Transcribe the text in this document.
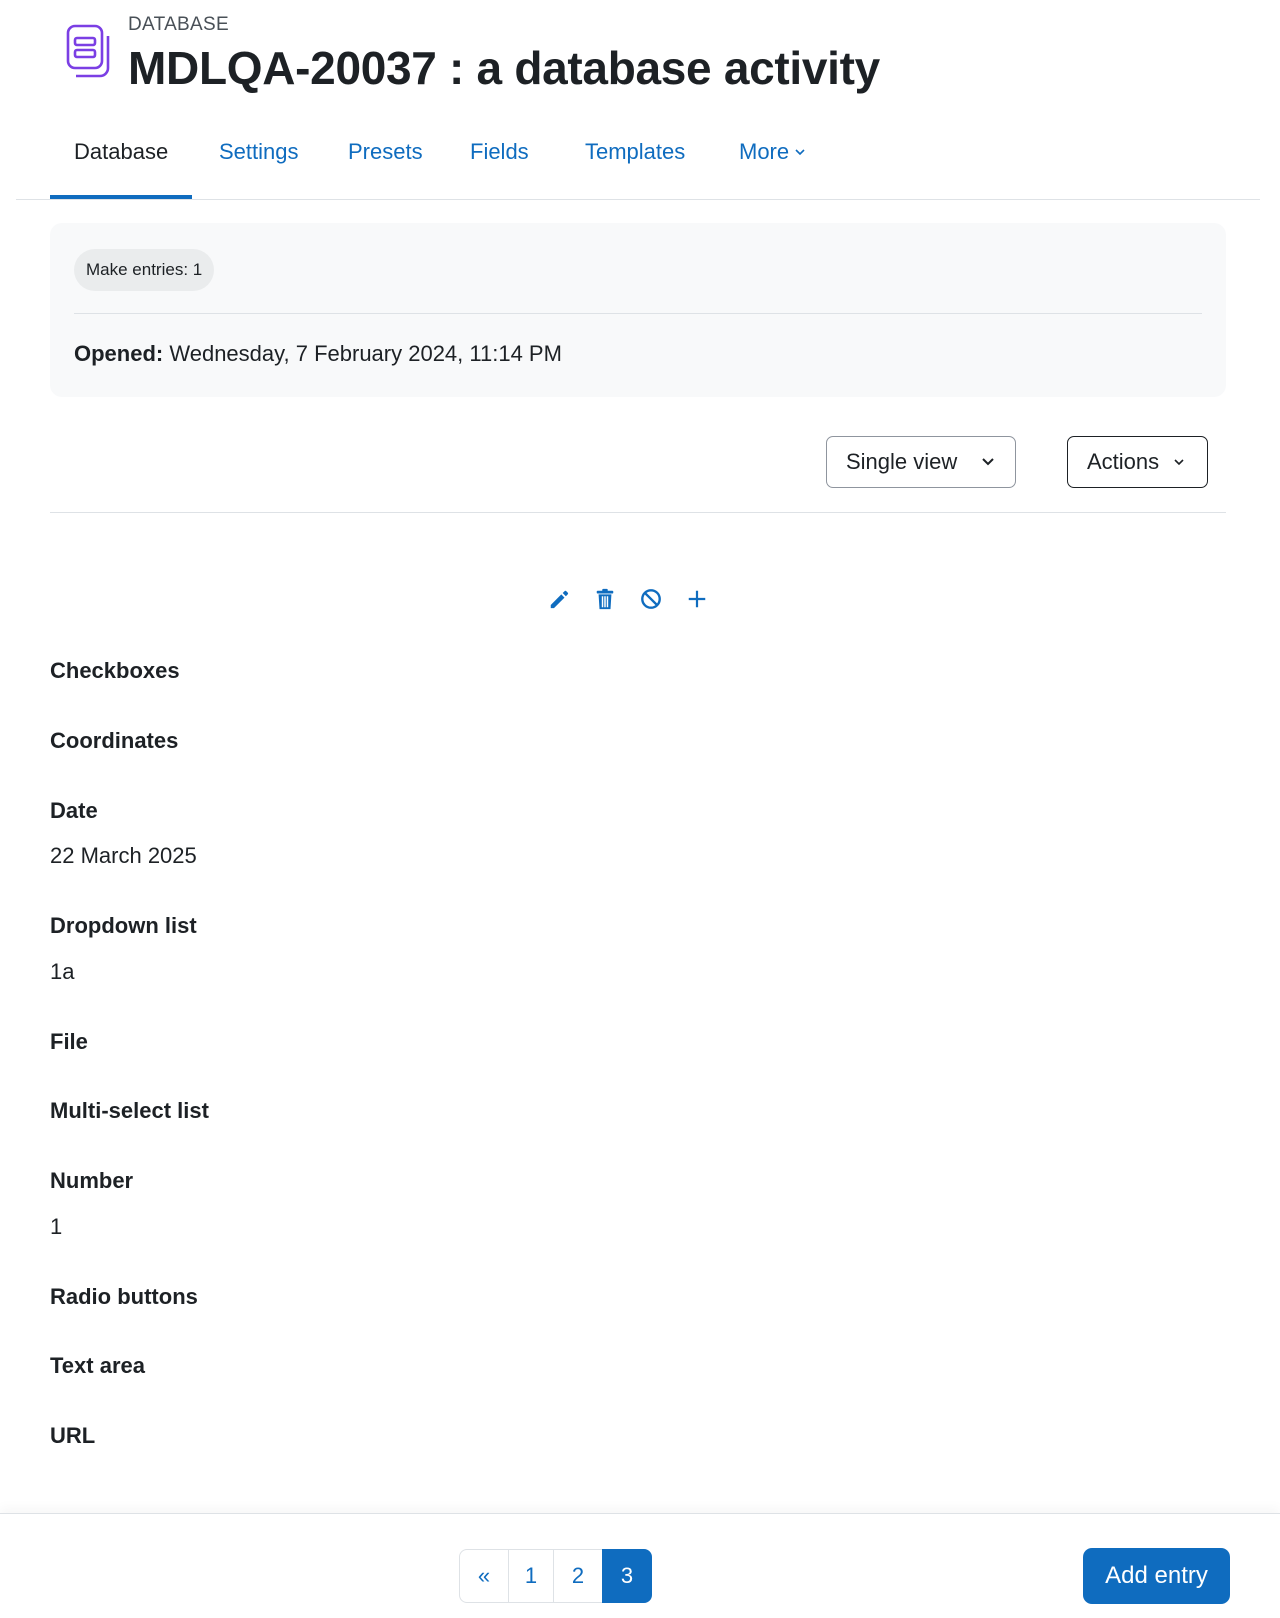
DATABASE
MDLQA-20037 : a database activity
Database	Settings	Presets	Fields	Templates	More
Make entries: 1
Opened: Wednesday, 7 February 2024, 11:14 PM
Single view	Actions
Checkboxes
Coordinates
Date
22 March 2025
Dropdown list
1a
File
Multi-select list
Number
1
Radio buttons
Text area
URL
«	1	2	3	Add entry
